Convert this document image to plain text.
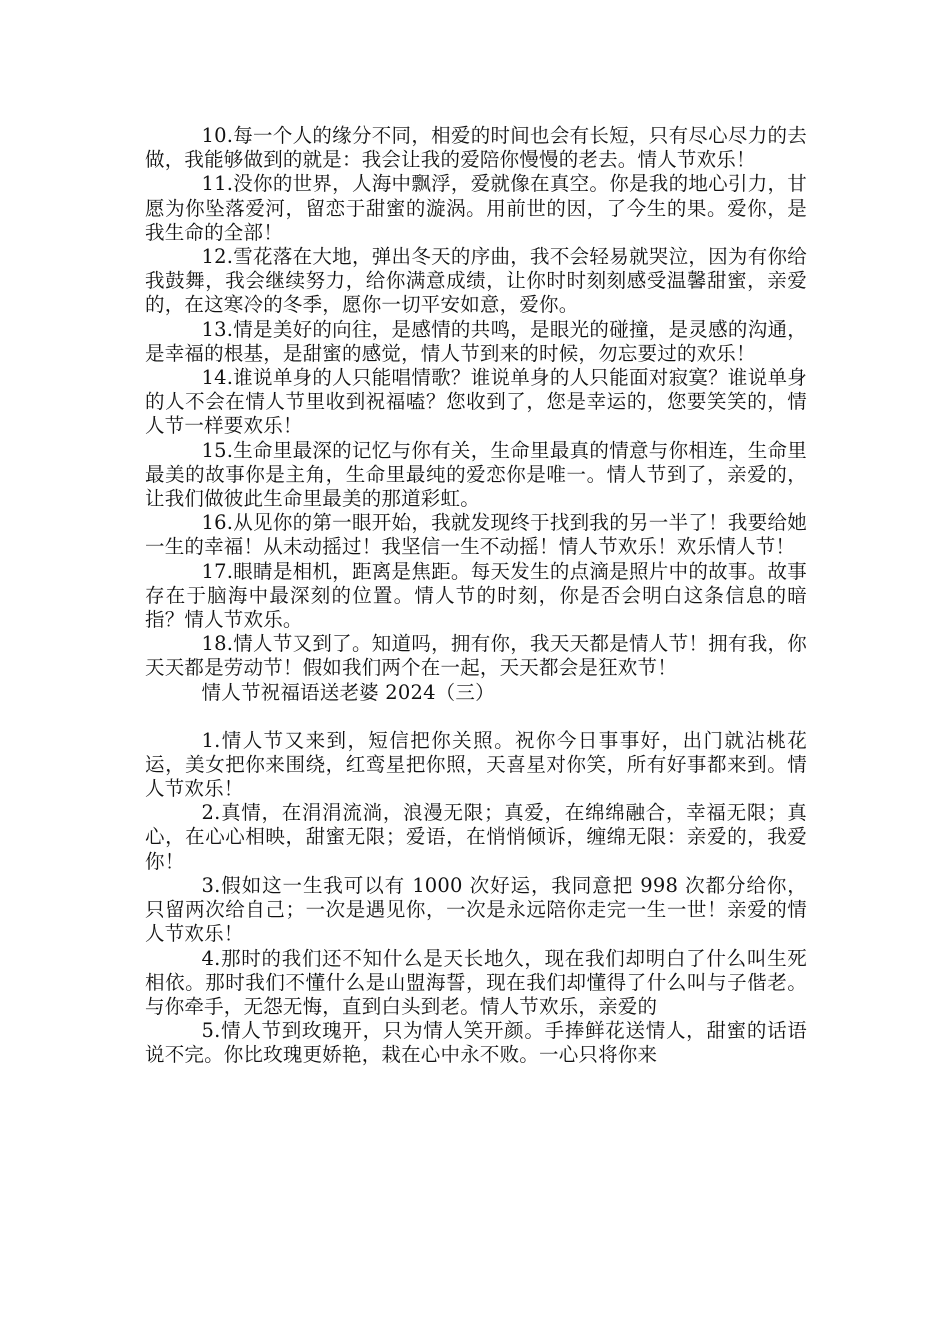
10.每一个人的缘分不同，相爱的时间也会有长短，只有尽心尽力的去做，我能够做到的就是：我会让我的爱陪你慢慢的老去。情人节欢乐！

11.没你的世界，人海中飘浮，爱就像在真空。你是我的地心引力，甘愿为你坠落爱河，留恋于甜蜜的漩涡。用前世的因，了今生的果。爱你，是我生命的全部！

12.雪花落在大地，弹出冬天的序曲，我不会轻易就哭泣，因为有你给我鼓舞，我会继续努力，给你满意成绩，让你时时刻刻感受温馨甜蜜，亲爱的，在这寒冷的冬季，愿你一切平安如意，爱你。

13.情是美好的向往，是感情的共鸣，是眼光的碰撞，是灵感的沟通，是幸福的根基，是甜蜜的感觉，情人节到来的时候，勿忘要过的欢乐！

14.谁说单身的人只能唱情歌？谁说单身的人只能面对寂寞？谁说单身的人不会在情人节里收到祝福嗑？您收到了，您是幸运的，您要笑笑的，情人节一样要欢乐！

15.生命里最深的记忆与你有关，生命里最真的情意与你相连，生命里最美的故事你是主角，生命里最纯的爱恋你是唯一。情人节到了，亲爱的，让我们做彼此生命里最美的那道彩虹。

16.从见你的第一眼开始，我就发现终于找到我的另一半了！我要给她一生的幸福！从未动摇过！我坚信一生不动摇！情人节欢乐！欢乐情人节！

17.眼睛是相机，距离是焦距。每天发生的点滴是照片中的故事。故事存在于脑海中最深刻的位置。情人节的时刻，你是否会明白这条信息的暗指？情人节欢乐。

18.情人节又到了。知道吗，拥有你，我天天都是情人节！拥有我，你天天都是劳动节！假如我们两个在一起，天天都会是狂欢节！

情人节祝福语送老婆 2024（三）

1.情人节又来到，短信把你关照。祝你今日事事好，出门就沾桃花运，美女把你来围绕，红鸾星把你照，天喜星对你笑，所有好事都来到。情人节欢乐！

2.真情，在涓涓流淌，浪漫无限；真爱，在绵绵融合，幸福无限；真心，在心心相映，甜蜜无限；爱语，在悄悄倾诉，缠绵无限：亲爱的，我爱你！

3.假如这一生我可以有 1000 次好运，我同意把 998 次都分给你，只留两次给自己；一次是遇见你，一次是永远陪你走完一生一世！亲爱的情人节欢乐！

4.那时的我们还不知什么是天长地久，现在我们却明白了什么叫生死相依。那时我们不懂什么是山盟海誓，现在我们却懂得了什么叫与子偕老。与你牵手，无怨无悔，直到白头到老。情人节欢乐，亲爱的

5.情人节到玫瑰开，只为情人笑开颜。手捧鲜花送情人，甜蜜的话语说不完。你比玫瑰更娇艳，栽在心中永不败。一心只将你来
